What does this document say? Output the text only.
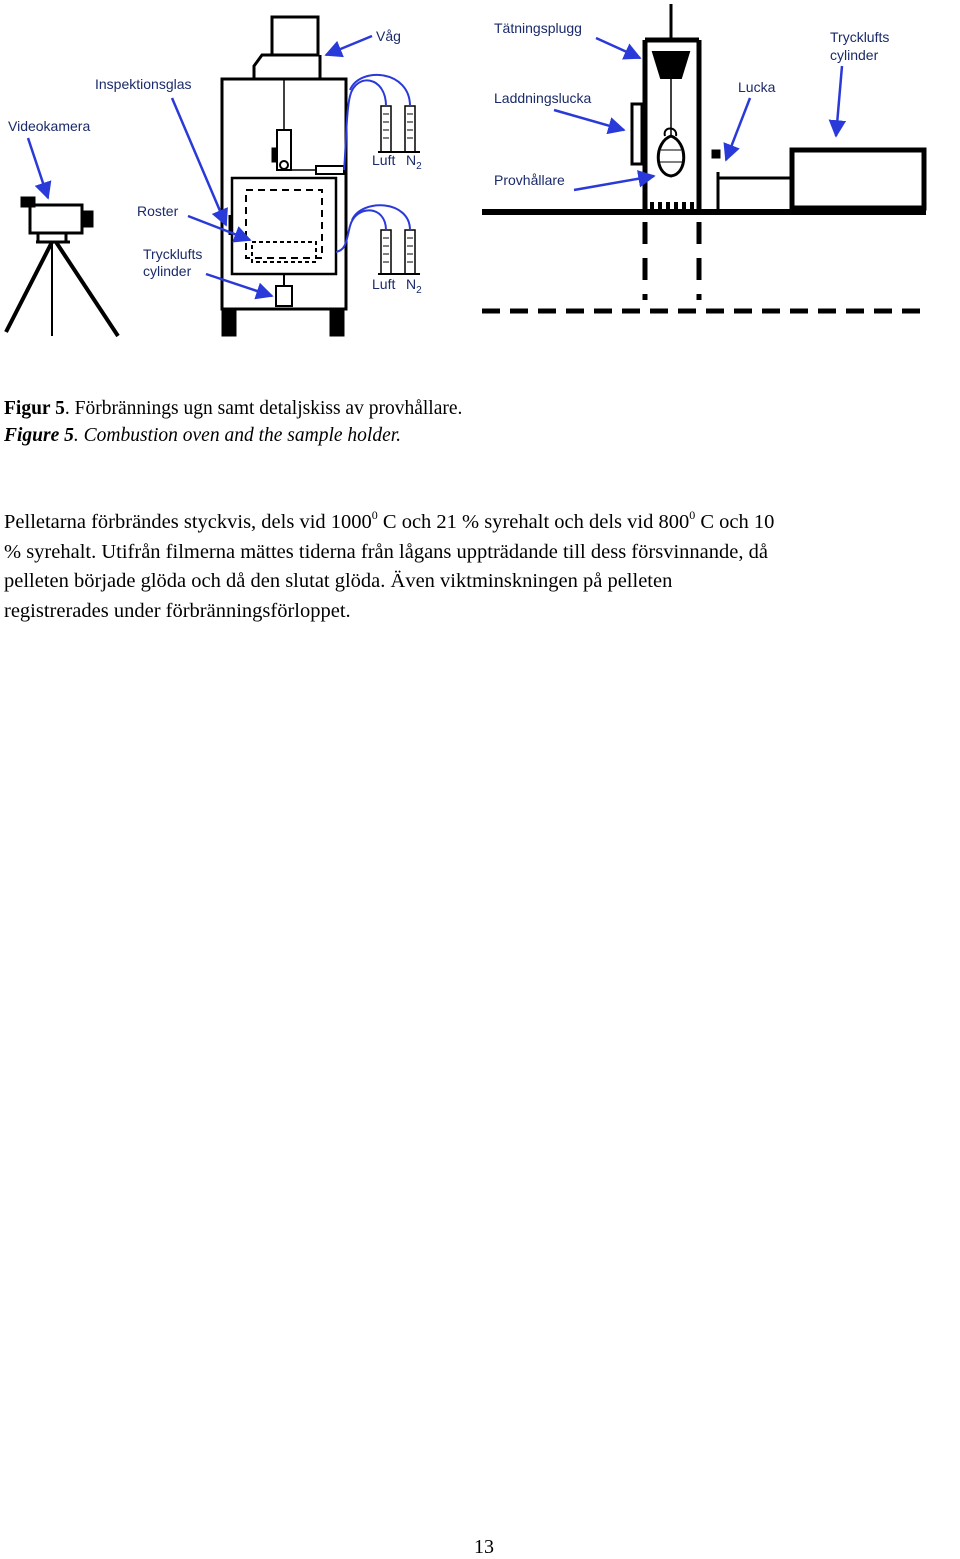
Videokamera
Inspektionsglas
Våg
Roster
Trycklufts
cylinder
Luft $N_2$
Luft $N_2$
Tätningsplugg
Laddningslucka
Provhållare
Lucka
Trycklufts
cylinder
Figur 5. Förbrännings ugn samt detaljskiss av provhållare.
Figure 5. Combustion oven and the sample holder.
Pelletarna förbrändes styckvis, dels vid 1000$^0$ C och 21 % syrehalt och dels vid $800^0$ C och 10
% syrehalt. Utifrån filmerna mättes tiderna från lågans uppträdande till dess försvinnande, då
pelleten började glöda och då den slutat glöda. Även viktminskningen på pelleten
registrerades under förbränningsförloppet.
13
